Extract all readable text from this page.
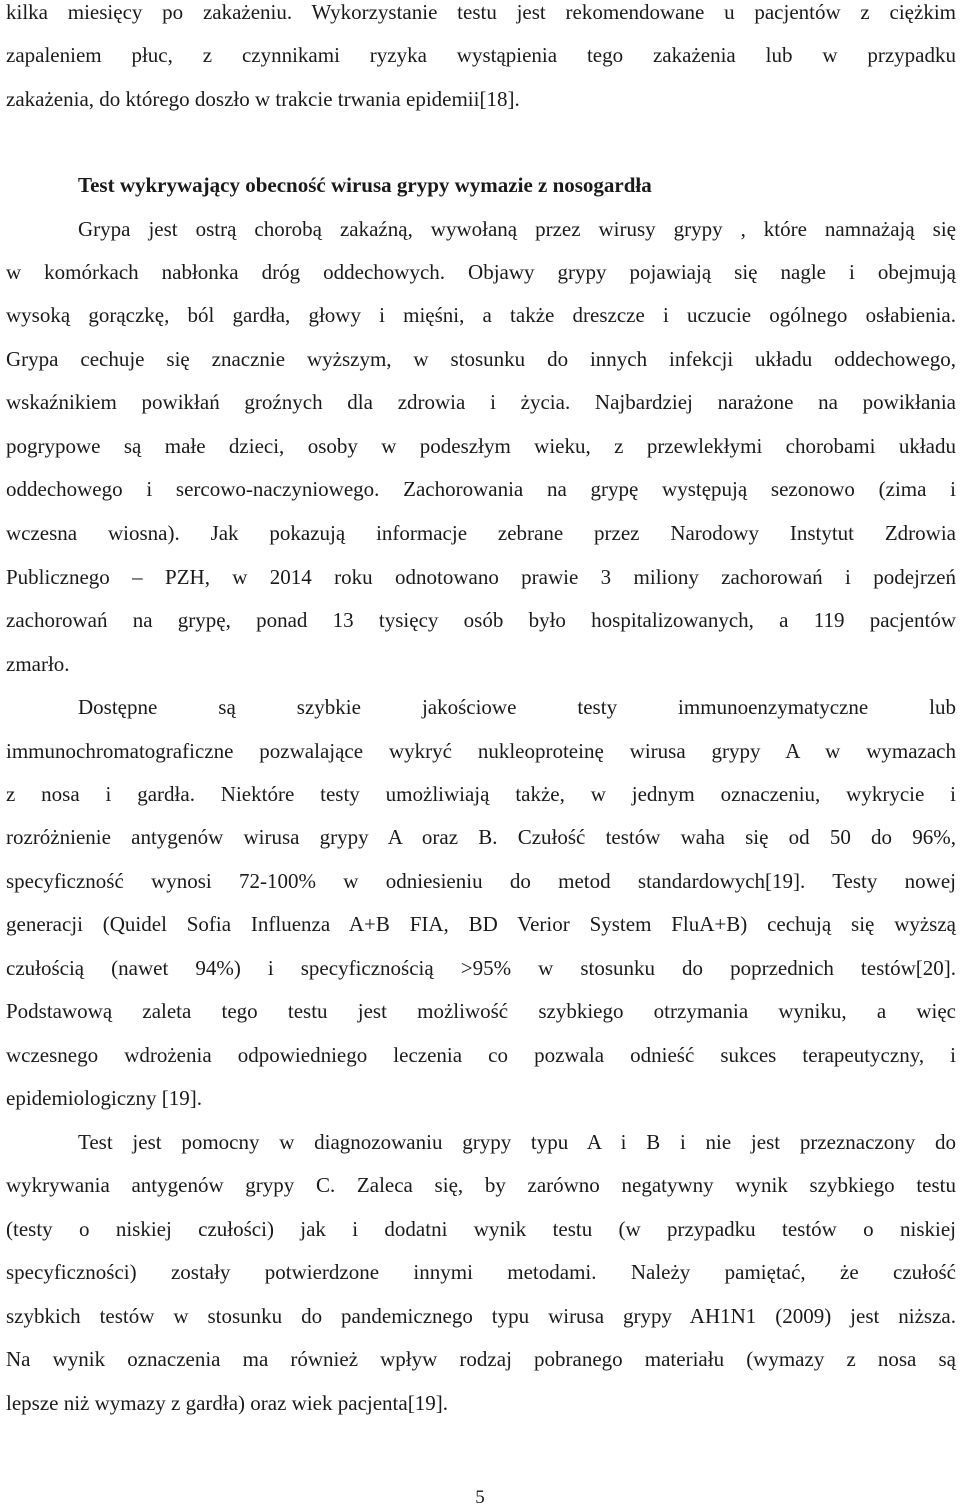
kilka miesięcy po zakażeniu. Wykorzystanie testu jest rekomendowane u pacjentów z ciężkim
zapaleniem płuc, z czynnikami ryzyka wystąpienia tego zakażenia lub w przypadku
zakażenia, do którego doszło w trakcie trwania epidemii[18].
Test wykrywający obecność wirusa grypy wymazie z nosogardła
Grypa jest ostrą chorobą zakaźną, wywołaną przez wirusy grypy , które namnażają się
w komórkach nabłonka dróg oddechowych. Objawy grypy pojawiają się nagle i obejmują
wysoką gorączkę, ból gardła, głowy i mięśni, a także dreszcze i uczucie ogólnego osłabienia.
Grypa cechuje się znacznie wyższym, w stosunku do innych infekcji układu oddechowego,
wskaźnikiem powikłań groźnych dla zdrowia i życia. Najbardziej narażone na powikłania
pogrypowe są małe dzieci, osoby w podeszłym wieku, z przewlekłymi chorobami układu
oddechowego i sercowo-naczyniowego. Zachorowania na grypę występują sezonowo (zima i
wczesna wiosna). Jak pokazują informacje zebrane przez Narodowy Instytut Zdrowia
Publicznego – PZH, w 2014 roku odnotowano prawie 3 miliony zachorowań i podejrzeń
zachorowań na grypę, ponad 13 tysięcy osób było hospitalizowanych, a 119 pacjentów
zmarło.
Dostępne są szybkie jakościowe testy immunoenzymatyczne lub
immunochromatograficzne pozwalające wykryć nukleoproteinę wirusa grypy A w wymazach
z nosa i gardła. Niektóre testy umożliwiają także, w jednym oznaczeniu, wykrycie i
rozróżnienie antygenów wirusa grypy A oraz B. Czułość testów waha się od 50 do 96%,
specyficzność wynosi 72-100% w odniesieniu do metod standardowych[19]. Testy nowej
generacji (Quidel Sofia Influenza A+B FIA, BD Verior System FluA+B) cechują się wyższą
czułością (nawet 94%) i specyficznością >95% w stosunku do poprzednich testów[20].
Podstawową zaleta tego testu jest możliwość szybkiego otrzymania wyniku, a więc
wczesnego wdrożenia odpowiedniego leczenia co pozwala odnieść sukces terapeutyczny, i
epidemiologiczny [19].
Test jest pomocny w diagnozowaniu grypy typu A i B i nie jest przeznaczony do
wykrywania antygenów grypy C. Zaleca się, by zarówno negatywny wynik szybkiego testu
(testy o niskiej czułości) jak i dodatni wynik testu (w przypadku testów o niskiej
specyficzności) zostały potwierdzone innymi metodami. Należy pamiętać, że czułość
szybkich testów w stosunku do pandemicznego typu wirusa grypy AH1N1 (2009) jest niższa.
Na wynik oznaczenia ma również wpływ rodzaj pobranego materiału (wymazy z nosa są
lepsze niż wymazy z gardła) oraz wiek pacjenta[19].
5
